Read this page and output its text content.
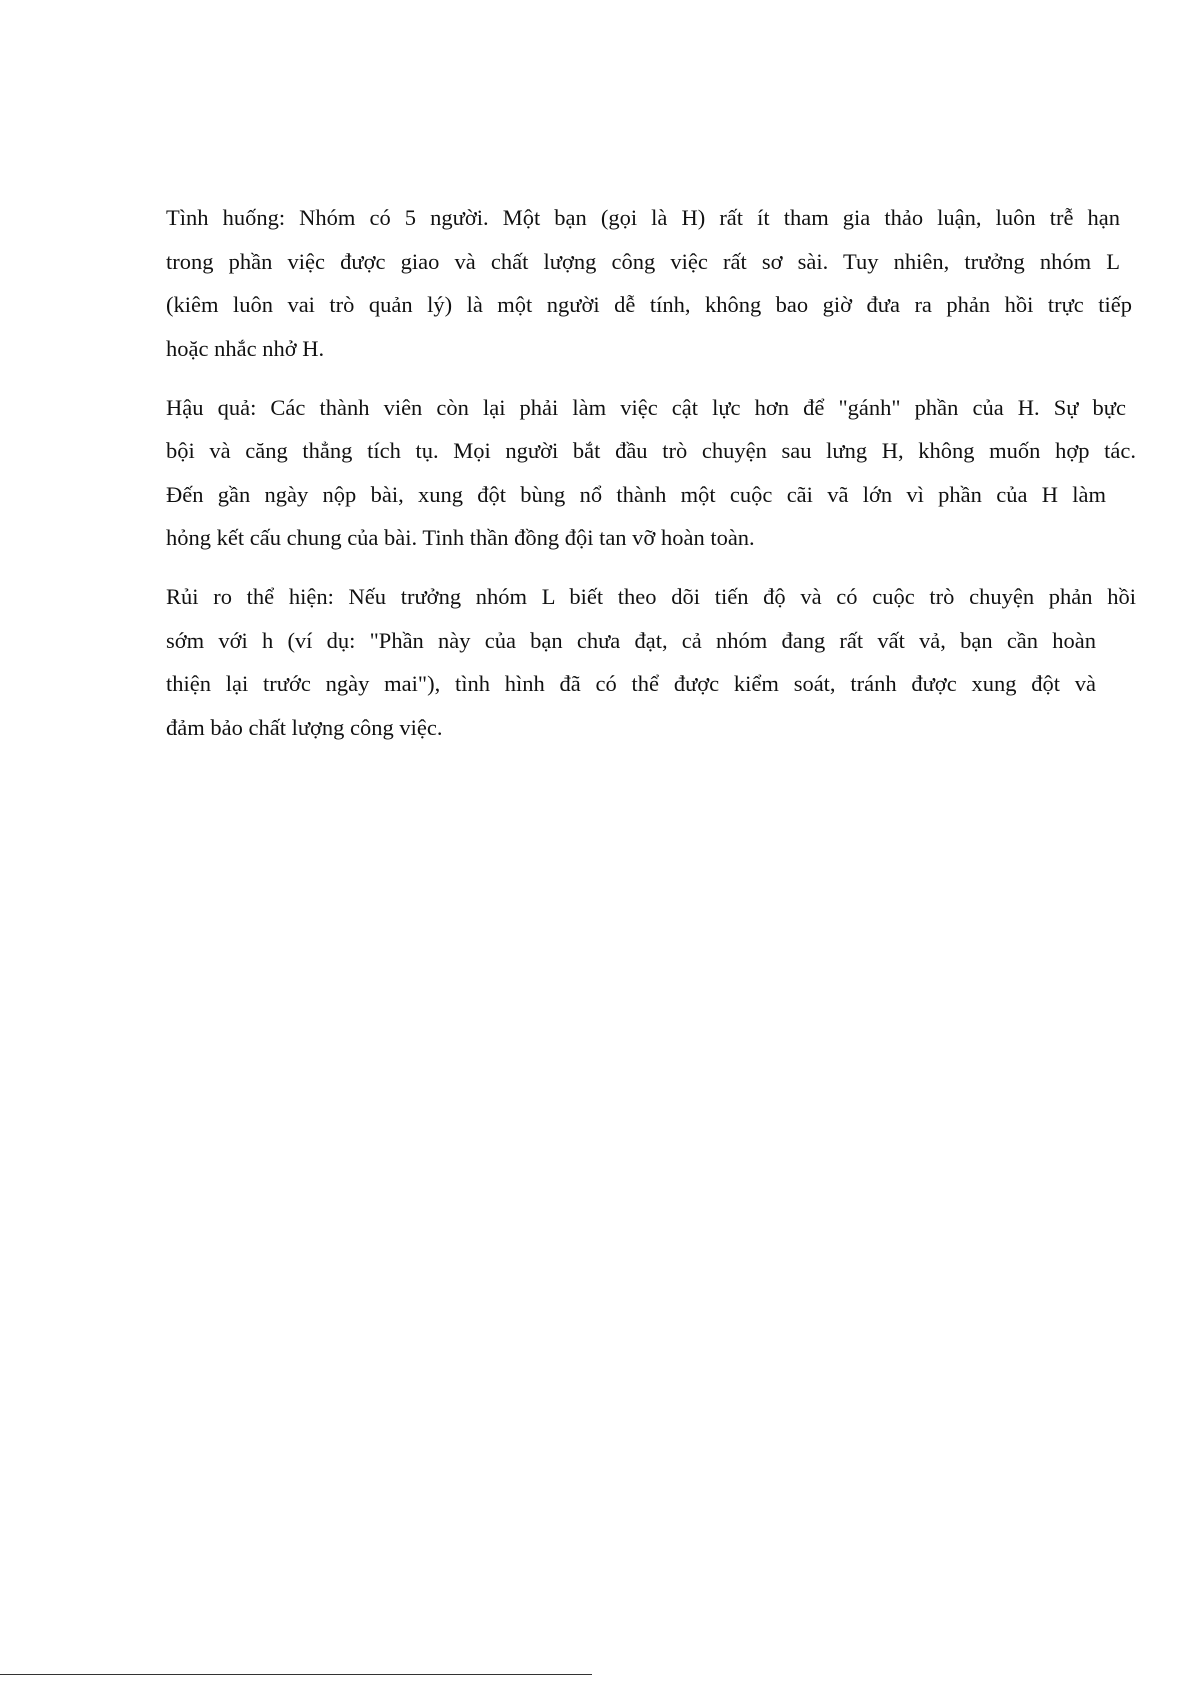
Tình huống: Nhóm có 5 người. Một bạn (gọi là H) rất ít tham gia thảo luận, luôn trễ hạn
trong phần việc được giao và chất lượng công việc rất sơ sài. Tuy nhiên, trưởng nhóm L
(kiêm luôn vai trò quản lý) là một người dễ tính, không bao giờ đưa ra phản hồi trực tiếp
hoặc nhắc nhở H.
Hậu quả: Các thành viên còn lại phải làm việc cật lực hơn để "gánh" phần của H. Sự bực
bội và căng thẳng tích tụ. Mọi người bắt đầu trò chuyện sau lưng H, không muốn hợp tác.
Đến gần ngày nộp bài, xung đột bùng nổ thành một cuộc cãi vã lớn vì phần của H làm
hỏng kết cấu chung của bài. Tinh thần đồng đội tan vỡ hoàn toàn.
Rủi ro thể hiện: Nếu trưởng nhóm L biết theo dõi tiến độ và có cuộc trò chuyện phản hồi
sớm với h (ví dụ: "Phần này của bạn chưa đạt, cả nhóm đang rất vất vả, bạn cần hoàn
thiện lại trước ngày mai"), tình hình đã có thể được kiểm soát, tránh được xung đột và
đảm bảo chất lượng công việc.
